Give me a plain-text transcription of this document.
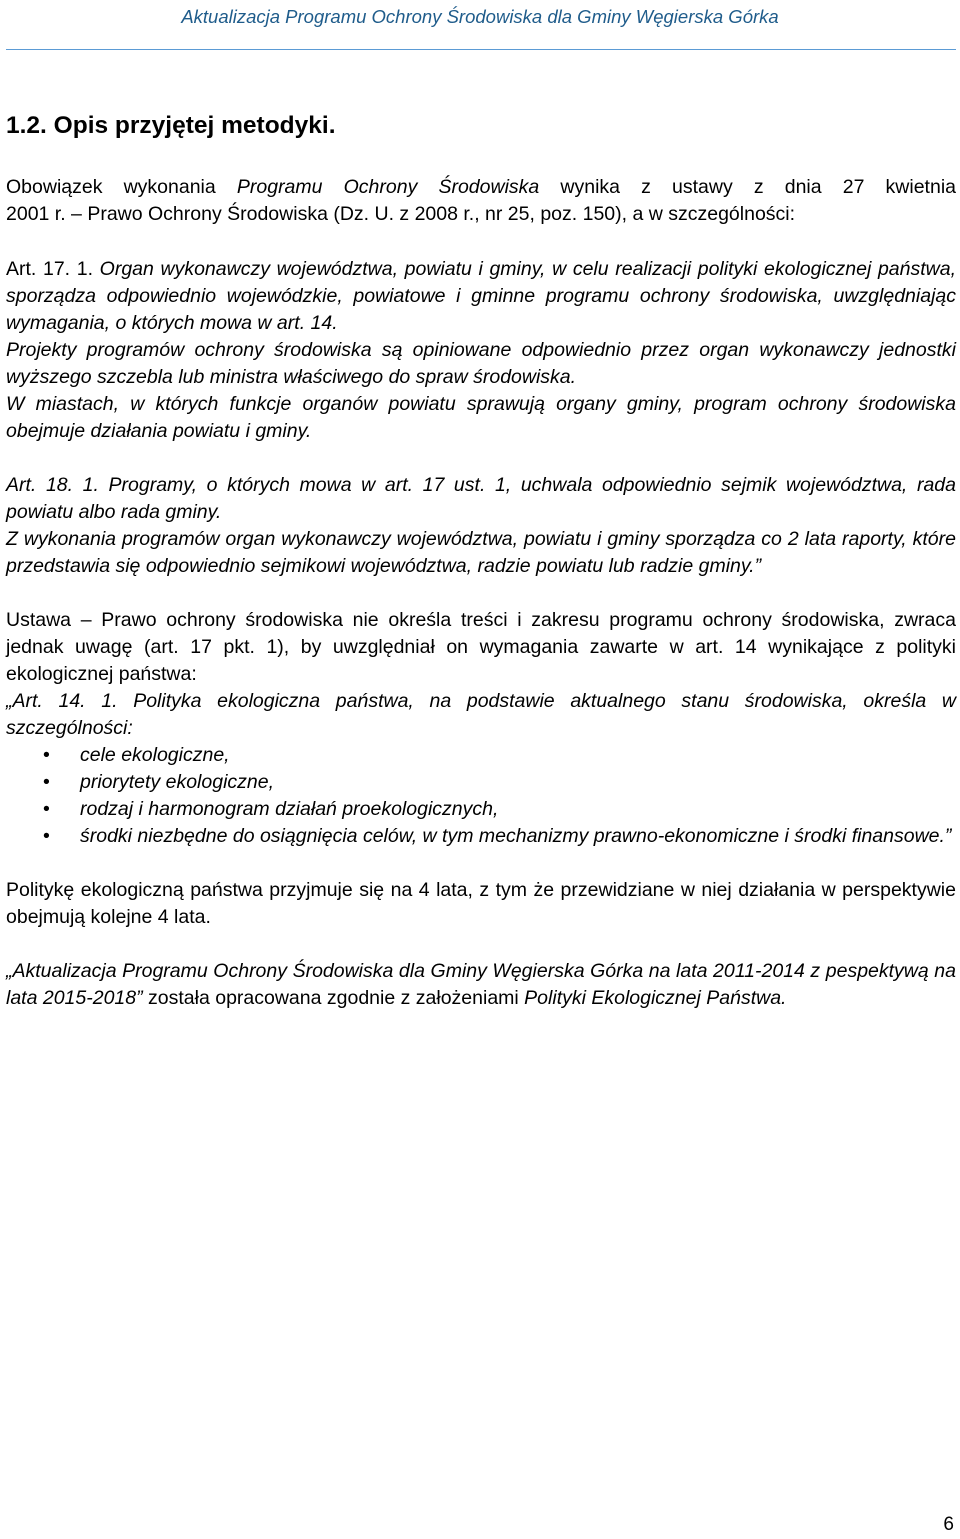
Aktualizacja Programu Ochrony Środowiska dla Gminy Węgierska Górka
1.2. Opis przyjętej metodyki.

Obowiązek wykonania Programu Ochrony Środowiska wynika z ustawy z dnia 27 kwietnia

2001 r. – Prawo Ochrony Środowiska (Dz. U. z 2008 r., nr 25, poz. 150), a w szczególności:

Art. 17. 1. Organ wykonawczy województwa, powiatu i gminy, w celu realizacji polityki ekologicznej państwa, sporządza odpowiednio wojewódzkie, powiatowe i gminne programu ochrony środowiska, uwzględniając wymagania, o których mowa w art. 14.

Projekty programów ochrony środowiska są opiniowane odpowiednio przez organ wykonawczy jednostki wyższego szczebla lub ministra właściwego do spraw środowiska.

W miastach, w których funkcje organów powiatu sprawują organy gminy, program ochrony środowiska obejmuje działania powiatu i gminy.

Art. 18. 1. Programy, o których mowa w art. 17 ust. 1, uchwala odpowiednio sejmik województwa, rada powiatu albo rada gminy.

Z wykonania programów organ wykonawczy województwa, powiatu i gminy sporządza co 2 lata raporty, które przedstawia się odpowiednio sejmikowi województwa, radzie powiatu lub radzie gminy.”

Ustawa – Prawo ochrony środowiska nie określa treści i zakresu programu ochrony środowiska, zwraca jednak uwagę (art. 17 pkt. 1), by uwzględniał on wymagania zawarte w art. 14 wynikające z polityki ekologicznej państwa:

„Art. 14. 1. Polityka ekologiczna państwa, na podstawie aktualnego stanu środowiska, określa w szczególności:

• cele ekologiczne,
• priorytety ekologiczne,
• rodzaj i harmonogram działań proekologicznych,
• środki niezbędne do osiągnięcia celów, w tym mechanizmy prawno-ekonomiczne i środki finansowe.”

Politykę ekologiczną państwa przyjmuje się na 4 lata, z tym że przewidziane w niej działania w perspektywie obejmują kolejne 4 lata.

„Aktualizacja Programu Ochrony Środowiska dla Gminy Węgierska Górka na lata 2011-2014 z pespektywą na lata 2015-2018” została opracowana zgodnie z założeniami Polityki Ekologicznej Państwa.

6
